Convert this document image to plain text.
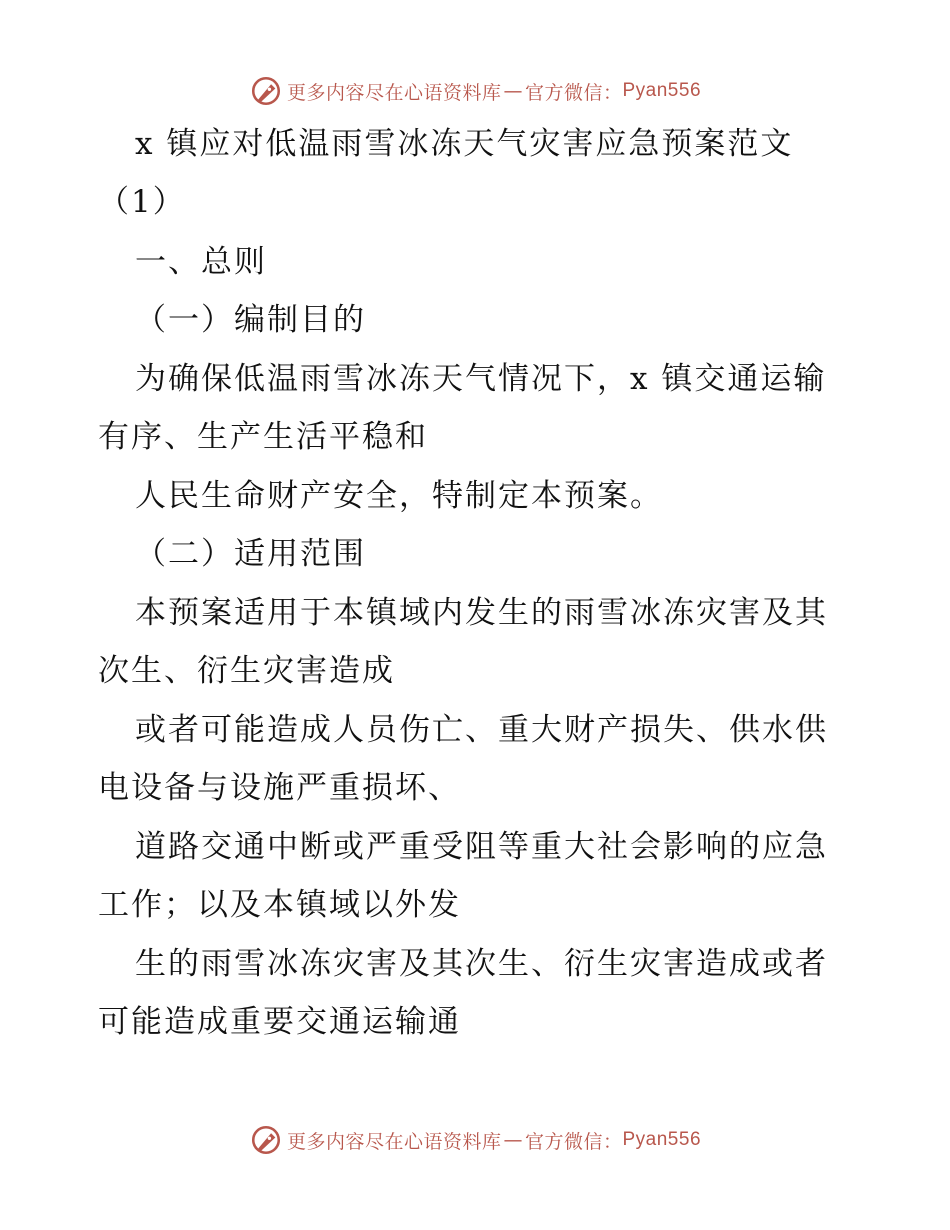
更多内容尽在心语资料库 — 官方微信： Pyan556
x 镇应对低温雨雪冰冻天气灾害应急预案范文
（1）
一、总则
（一）编制目的
为确保低温雨雪冰冻天气情况下，x 镇交通运输
有序、生产生活平稳和
人民生命财产安全，特制定本预案。
（二）适用范围
本预案适用于本镇域内发生的雨雪冰冻灾害及其
次生、衍生灾害造成
或者可能造成人员伤亡、重大财产损失、供水供
电设备与设施严重损坏、
道路交通中断或严重受阻等重大社会影响的应急
工作；以及本镇域以外发
生的雨雪冰冻灾害及其次生、衍生灾害造成或者
可能造成重要交通运输通
更多内容尽在心语资料库 — 官方微信： Pyan556
